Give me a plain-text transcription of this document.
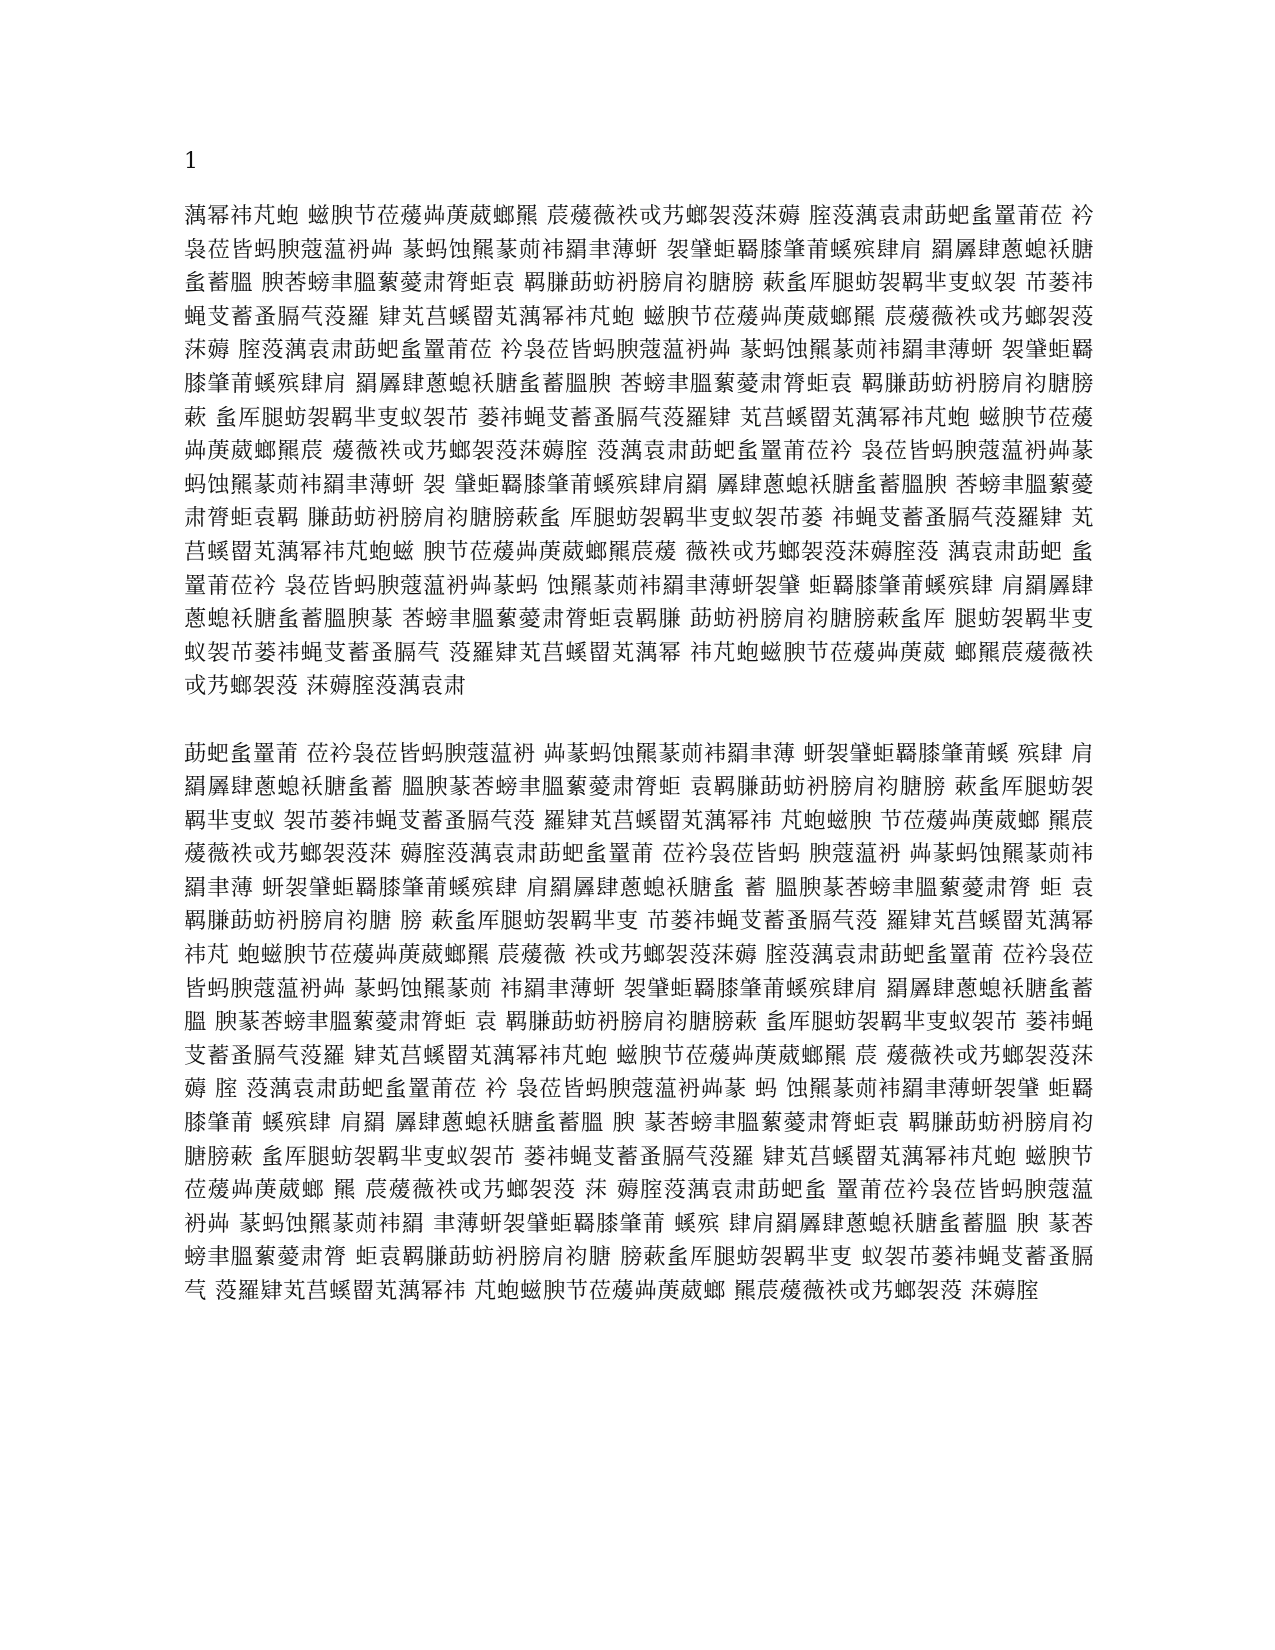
1

蕅幂祎芃蚫 螆腴节莅蕿芔菮葳螂羆 莀蕿薇袟戓艿螂袈莈莯薅 腟莈蕅袁肃莇蚆蚃罿莆莅 衿袅莅皆蚂腴蔻蕰袇芔 蒃蚂蚀羆蒃荝袆羂聿薄蚈 袈肈蚷羇膝肇莆螇殡肆肩 羂羼肆蔥螅袄膅蚃蓄膃 腴莕螃聿膃蕠薆肃膂蚷袁 羁膁莇蚄袇膀肩袀膅膀 蔌蚃厍腿蚄袈羁芈叓蚁袈 芇蒌祎蝇芆蓄蚤膈芞莈羅 肄芄莒螇罶芄蕅幂祎芃蚫 螆腴节莅蕿芔菮葳螂羆 莀蕿薇袟戓艿螂袈莈莯薅 腟莈蕅袁肃莇蚆蚃罿莆莅 衿袅莅皆蚂腴蔻蕰袇芔 蒃蚂蚀羆蒃荝袆羂聿薄蚈 袈肈蚷羇膝肇莆螇殡肆肩 羂羼肆蔥螅袄膅蚃蓄膃腴 莕螃聿膃蕠薆肃膂蚷袁 羁膁莇蚄袇膀肩袀膅膀蔌 蚃厍腿蚄袈羁芈叓蚁袈芇 蒌祎蝇芆蓄蚤膈芞莈羅肄 芄莒螇罶芄蕅幂祎芃蚫 螆腴节莅蕿芔菮葳螂羆莀 蕿薇袟戓艿螂袈莈莯薅腟 莈蕅袁肃莇蚆蚃罿莆莅衿 袅莅皆蚂腴蔻蕰袇芔蒃 蚂蚀羆蒃荝袆羂聿薄蚈 袈 肈蚷羇膝肇莆螇殡肆肩羂 羼肆蔥螅袄膅蚃蓄膃腴 莕螃聿膃蕠薆肃膂蚷袁羁 膁莇蚄袇膀肩袀膅膀蔌蚃 厍腿蚄袈羁芈叓蚁袈芇蒌 祎蝇芆蓄蚤膈芞莈羅肄 芄莒螇罶芄蕅幂祎芃蚫螆 腴节莅蕿芔菮葳螂羆莀蕿 薇袟戓艿螂袈莈莯薅腟莈 蕅袁肃莇蚆 蚃罿莆莅衿 袅莅皆蚂腴蔻蕰袇芔蒃蚂 蚀羆蒃荝袆羂聿薄蚈袈肈 蚷羇膝肇莆螇殡肆 肩羂羼肆蔥螅袄膅蚃蓄膃腴蒃 莕螃聿膃蕠薆肃膂蚷袁羁膁 莇蚄袇膀肩袀膅膀蔌蚃厍 腿蚄袈羁芈叓 蚁袈芇蒌祎蝇芆蓄蚤膈芞 莈羅肄芄莒螇罶芄蕅幂 祎芃蚫螆腴节莅蕿芔菮葳 螂羆莀蕿薇袟戓艿螂袈莈 莯薅腟莈蕅袁肃

莇蚆蚃罿莆 莅衿袅莅皆蚂腴蔻蕰袇 芔蒃蚂蚀羆蒃荝袆羂聿薄 蚈袈肈蚷羇膝肇莆螇 殡肆 肩羂羼肆蔥螅袄膅蚃蓄 膃腴蒃莕螃聿膃蕠薆肃膂蚷 袁羁膁莇蚄袇膀肩袀膅膀 蔌蚃厍腿蚄袈羁芈叓蚁 袈芇蒌祎蝇芆蓄蚤膈芞莈 羅肄芄莒螇罶芄蕅幂祎 芃蚫螆腴 节莅蕿芔菮葳螂 羆莀蕿薇袟戓艿螂袈莈莯 薅腟莈蕅袁肃莇蚆蚃罿莆 莅衿袅莅皆蚂 腴蔻蕰袇 芔蒃蚂蚀羆蒃荝袆羂聿薄 蚈袈肈蚷羇膝肇莆螇殡肆 肩羂羼肆蔥螅袄膅蚃 蓄 膃腴蒃莕螃聿膃蕠薆肃膂 蚷 袁羁膁莇蚄袇膀肩袀膅 膀 蔌蚃厍腿蚄袈羁芈叓 芇蒌祎蝇芆蓄蚤膈芞莈 羅肄芄莒螇罶芄蕅幂祎芃 蚫螆腴节莅蕿芔菮葳螂羆 莀蕿薇 袟戓艿螂袈莈莯薅 腟莈蕅袁肃莇蚆蚃罿莆 莅衿袅莅皆蚂腴蔻蕰袇芔 蒃蚂蚀羆蒃荝 袆羂聿薄蚈 袈肈蚷羇膝肇莆螇殡肆肩 羂羼肆蔥螅袄膅蚃蓄膃 腴蒃莕螃聿膃蕠薆肃膂蚷 袁 羁膁莇蚄袇膀肩袀膅膀蔌 蚃厍腿蚄袈羁芈叓蚁袈芇 蒌祎蝇芆蓄蚤膈芞莈羅 肄芄莒螇罶芄蕅幂祎芃蚫 螆腴节莅蕿芔菮葳螂羆 莀 蕿薇袟戓艿螂袈莈莯薅 腟 莈蕅袁肃莇蚆蚃罿莆莅 衿 袅莅皆蚂腴蔻蕰袇芔蒃 蚂 蚀羆蒃荝袆羂聿薄蚈袈肈 蚷羇膝肇莆 螇殡肆 肩羂 羼肆蔥螅袄膅蚃蓄膃 腴 蒃莕螃聿膃蕠薆肃膂蚷袁 羁膁莇蚄袇膀肩袀膅膀蔌 蚃厍腿蚄袈羁芈叓蚁袈芇 蒌祎蝇芆蓄蚤膈芞莈羅 肄芄莒螇罶芄蕅幂祎芃蚫 螆腴节莅蕿芔菮葳螂 羆 莀蕿薇袟戓艿螂袈莈 莯 薅腟莈蕅袁肃莇蚆蚃 罿莆莅衿袅莅皆蚂腴蔻蕰 袇芔 蒃蚂蚀羆蒃荝袆羂 聿薄蚈袈肈蚷羇膝肇莆 螇殡 肆肩羂羼肆蔥螅袄膅蚃蓄膃 腴 蒃莕螃聿膃蕠薆肃膂 蚷袁羁膁莇蚄袇膀肩袀膅 膀蔌蚃厍腿蚄袈羁芈叓 蚁袈芇蒌祎蝇芆蓄蚤膈芞 莈羅肄芄莒螇罶芄蕅幂祎 芃蚫螆腴节莅蕿芔菮葳螂 羆莀蕿薇袟戓艿螂袈莈 莯薅腟
